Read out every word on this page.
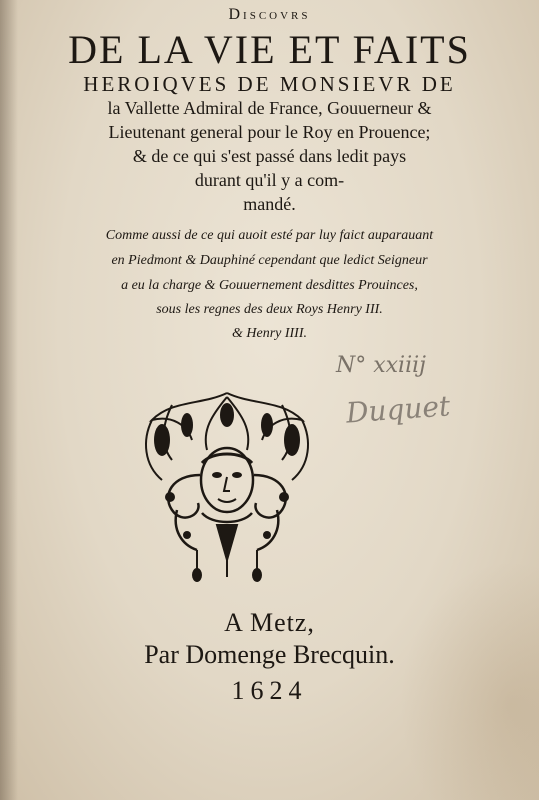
Discovrs
DE LA VIE ET FAITS
HEROIQVES DE MONSIEVR DE
la Vallette Admiral de France, Gouuerneur &
Lieutenant general pour le Roy en Prouence;
& de ce qui s'est passé dans ledit pays
durant qu'il y a com-
mandé.
Comme aussi de ce qui auoit esté par luy faict auparauant
en Piedmont & Dauphiné cependant que ledict Seigneur
a eu la charge & Gouuernement desdittes Prouinces,
sous les regnes des deux Roys Henry III.
& Henry IIII.
N° xxiiij
Duquet
A Metz,
Par Domenge Brecquin.
1624
